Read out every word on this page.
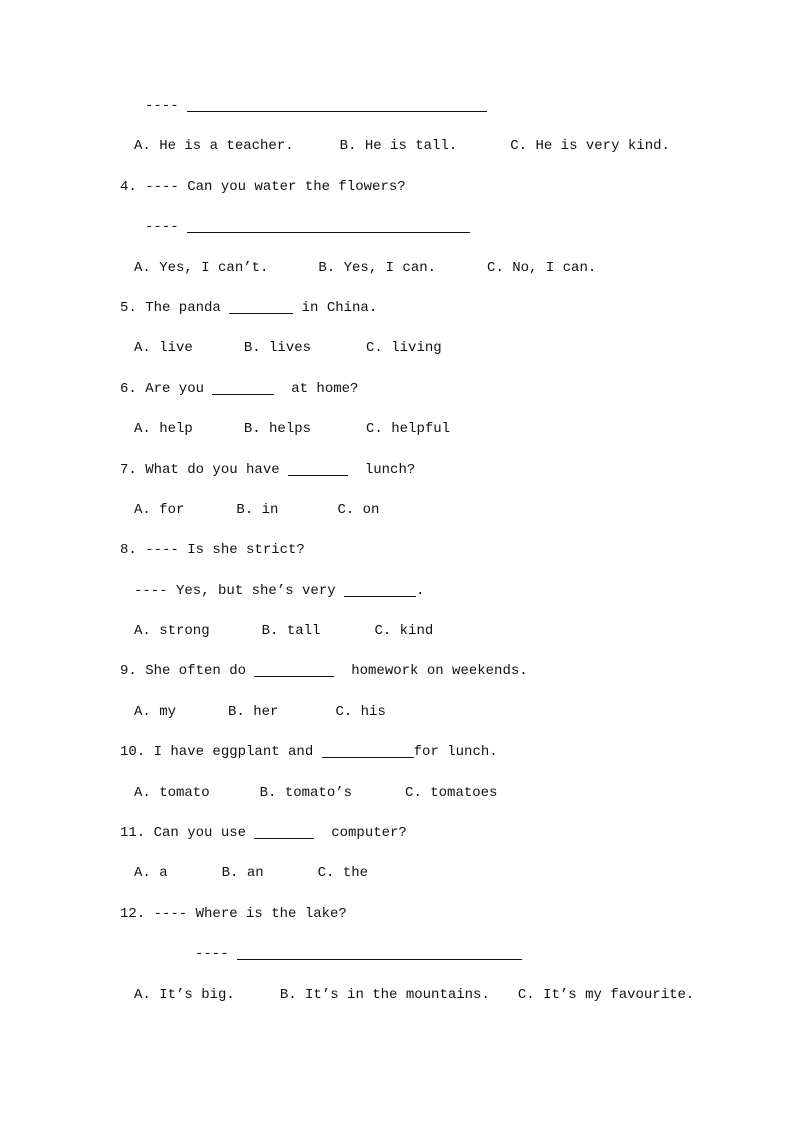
----
A. He is a teacher.	B. He is tall.	C. He is very kind.
4. ---- Can you water the flowers?
----
A. Yes, I can’t.	B. Yes, I can.	C. No, I can.
5. The panda	in China.
A. live	B. lives	C. living
6. Are you	at home?
A. help	B. helps	C. helpful
7. What do you have	lunch?
A. for	B. in	C. on
8. ---- Is she strict?
---- Yes, but she’s very	.
A. strong	B. tall	C. kind
9. She often do	homework on weekends.
A. my	B. her	C. his
10. I have eggplant and	for lunch.
A. tomato	B. tomato’s	C. tomatoes
11. Can you use	computer?
A. a	B. an	C. the
12. ---- Where is the lake?
----
A. It’s big.	B. It’s in the mountains. C. It’s my favourite.
